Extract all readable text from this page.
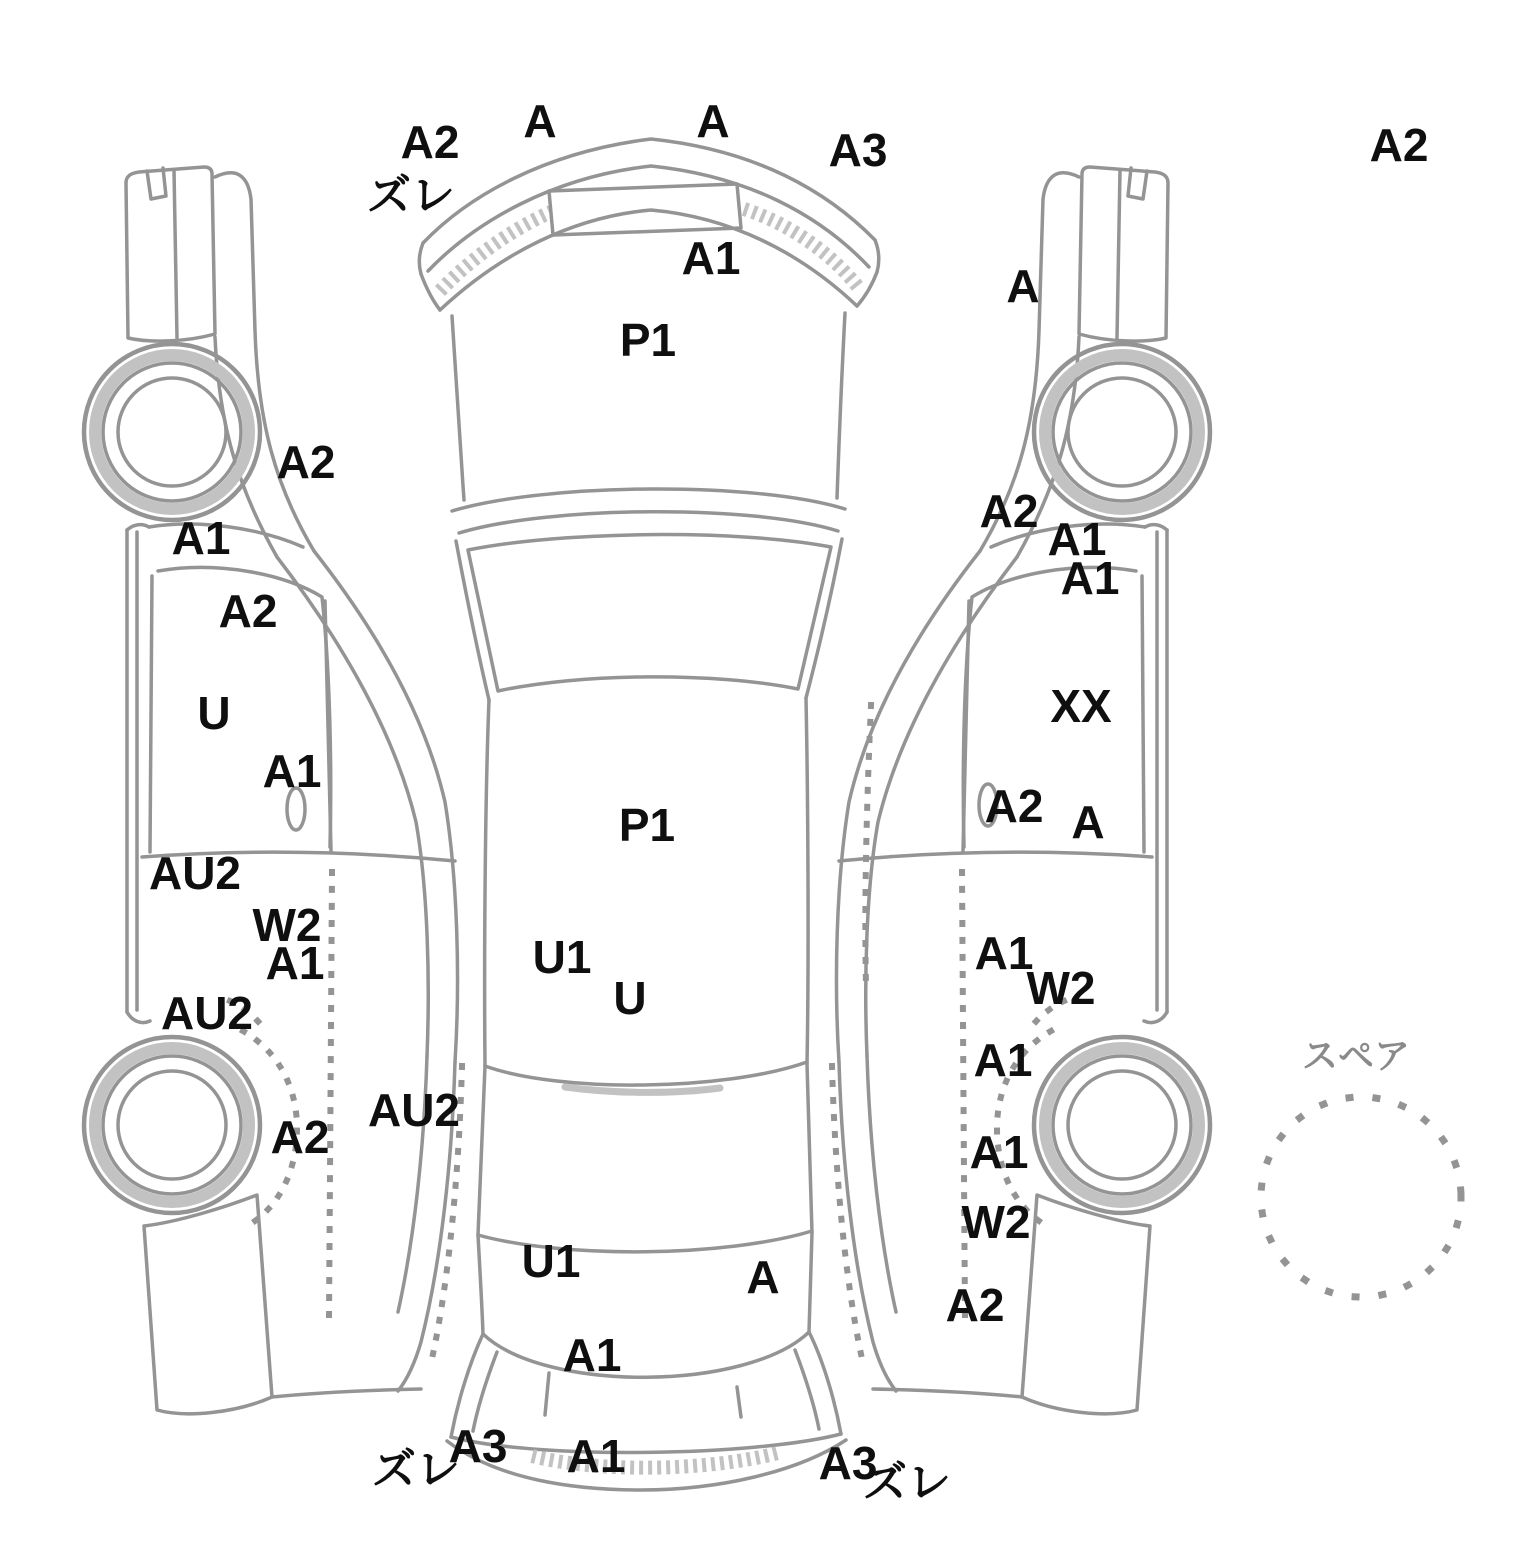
A2
ズレ
A	A
A3	A2
A1
P1
A
A2
A1
A2
U
A1
AU2
W2
A1
AU2
AU2
A2
P1
U1
U
U1	A
A1
A3 A1	A3
ズレ	ズレ
A2
A1
A1
XX
A2 A
A1
W2
A1
A1
W2
A2
スペア
